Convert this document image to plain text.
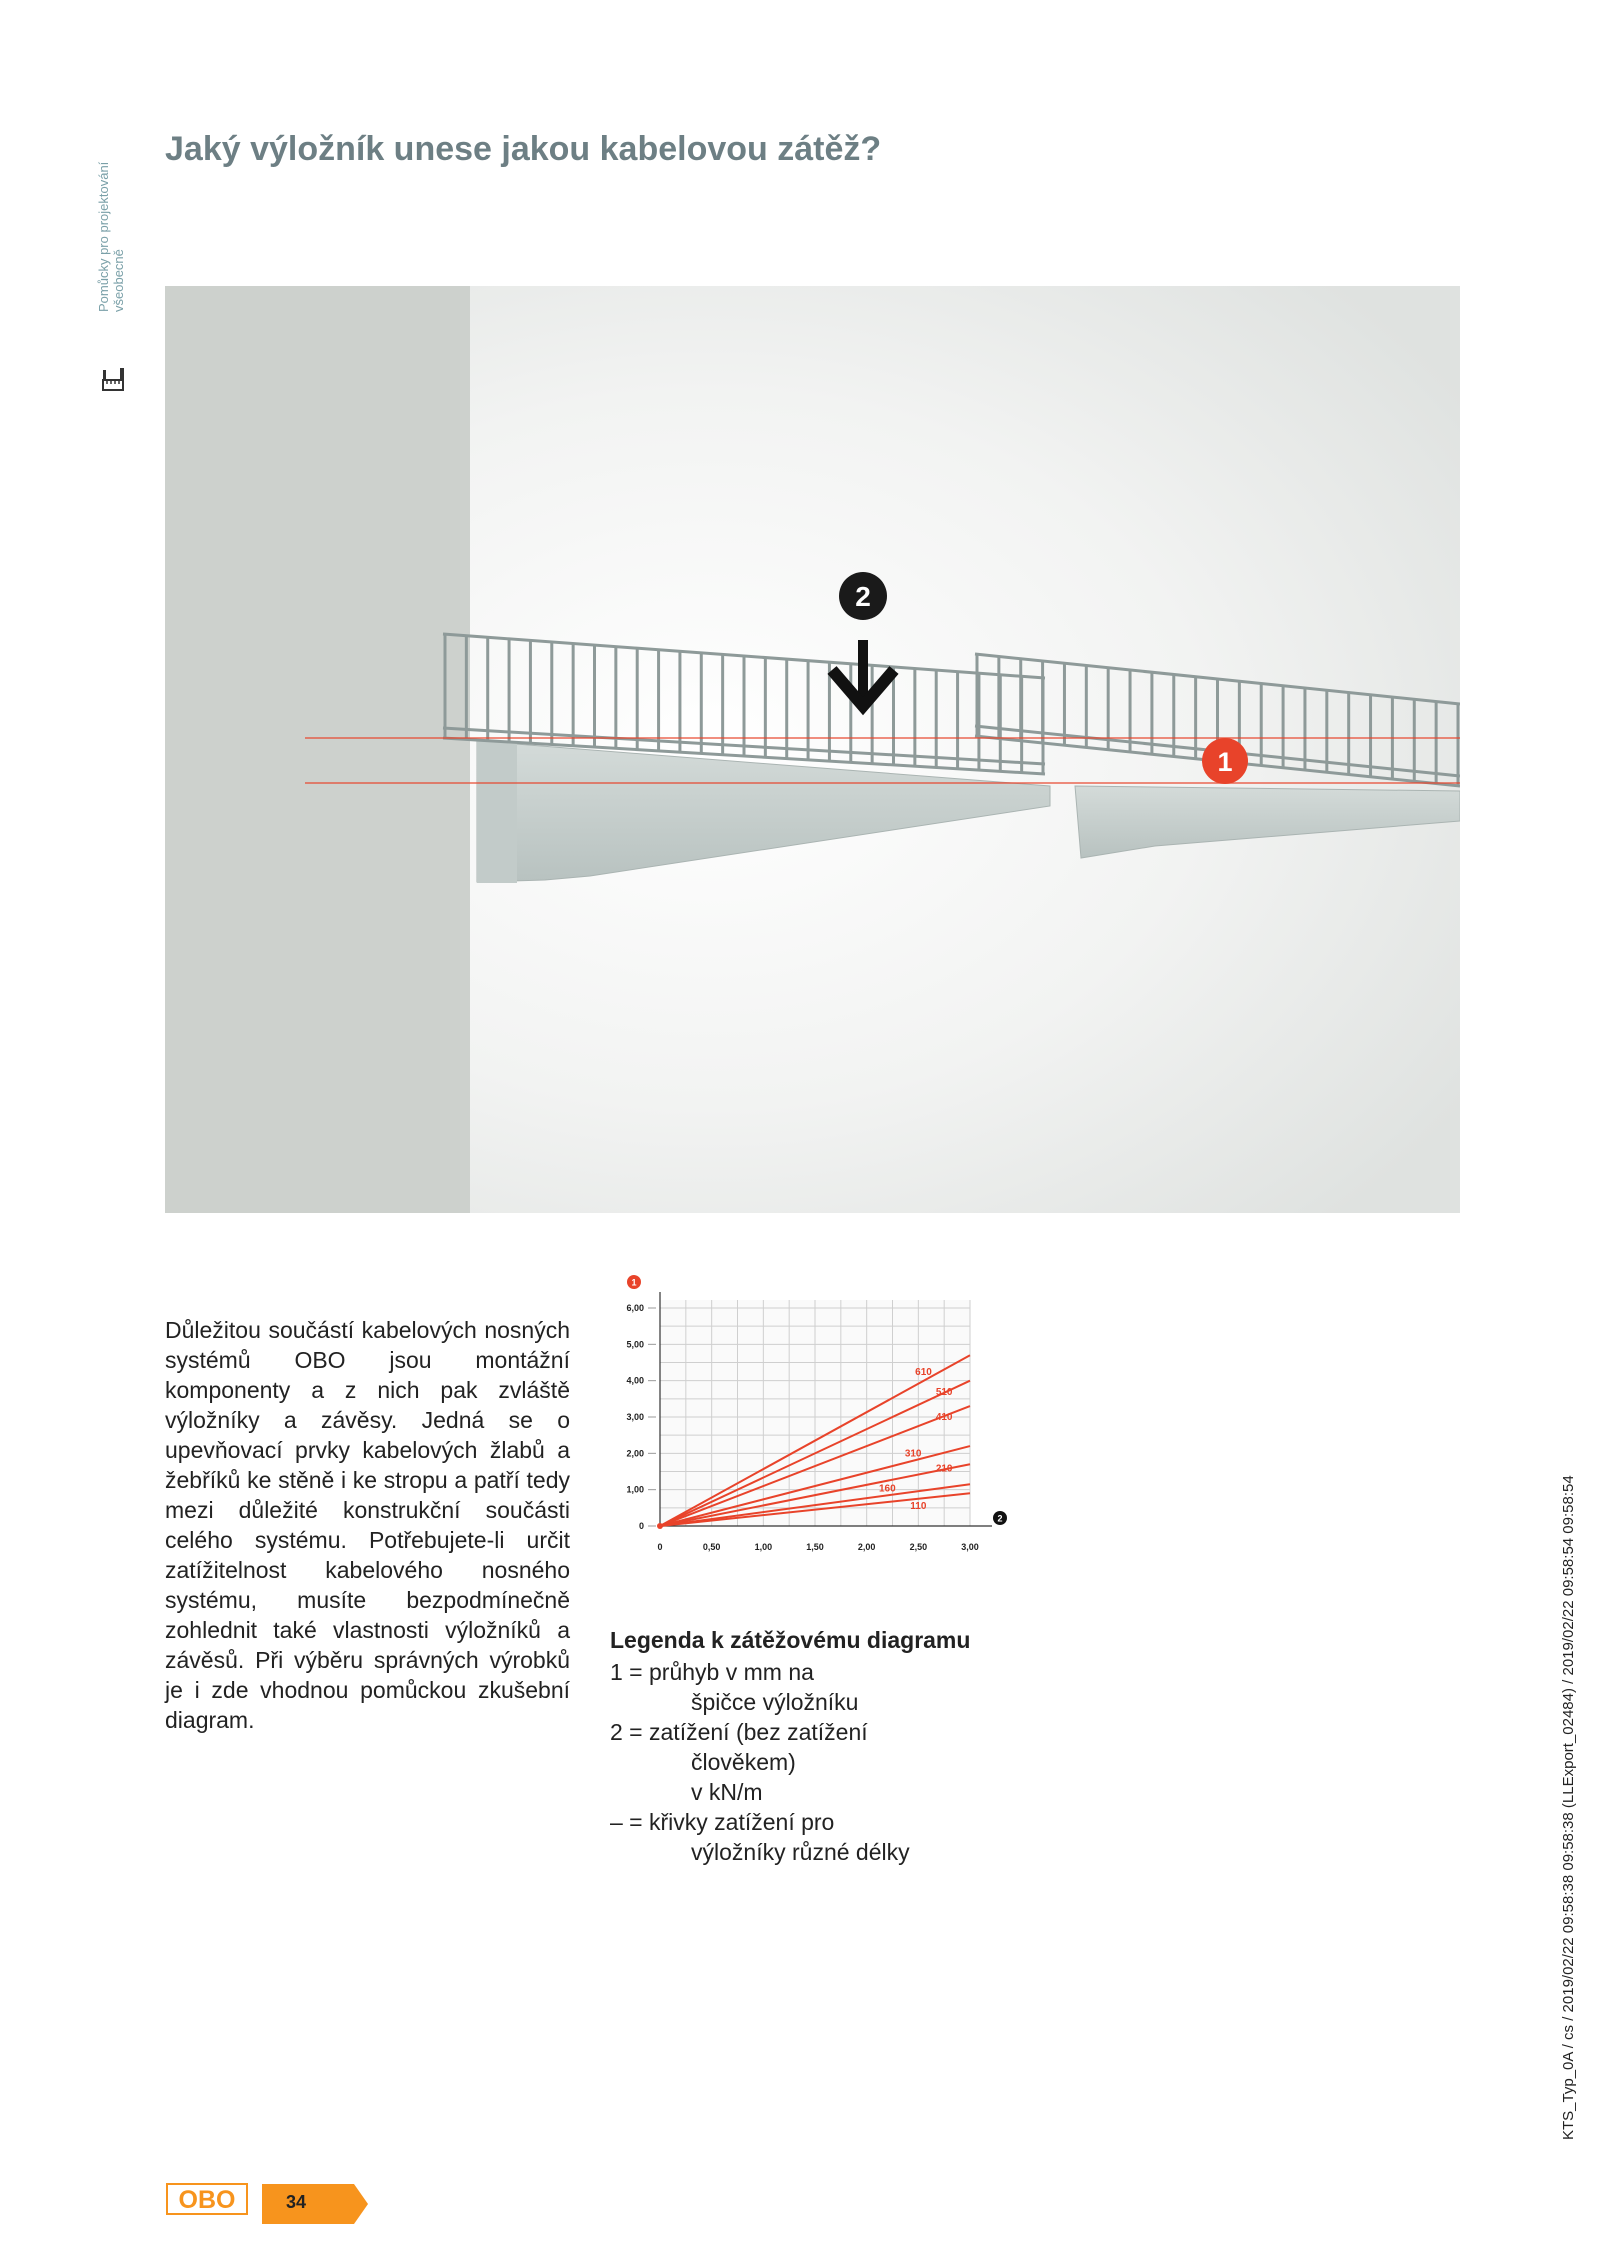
Pomůcky pro projektování všeobecně
Jaký výložník unese jakou kabelovou zátěž?
2
1

Důležitou součástí kabelových nosných systémů OBO jsou montážní komponenty a z nich pak zvláště výložníky a závěsy. Jedná se o upevňovací prvky kabelových žlabů a žebříků ke stěně i ke stropu a patří tedy mezi důležité konstrukční součásti celého systému. Potřebujete-li určit zatížitelnost kabelového nosného systému, musíte bezpodmínečně zohlednit také vlastnosti výložníků a závěsů. Při výběru správných výrobků je i zde vhodnou pomůckou zkušební diagram.

0
1,00
2,00
3,00
4,00
5,00
6,00
0	0,50	1,00	1,50	2,00	2,50	3,00
610
510
410
310
210
160
110
1
2
Legenda k zátěžovému diagramu
1 = průhyb v mm na
špičce výložníku
2 = zatížení (bez zatížení
člověkem)
v kN/m
– = křivky zatížení pro
výložníky různé délky	KTS_Typ_0A / cs / 2019/02/22 09:58:38 09:58:38 (LLExport_02484) / 2019/02/22 09:58:54 09:58:54
OBO	34
